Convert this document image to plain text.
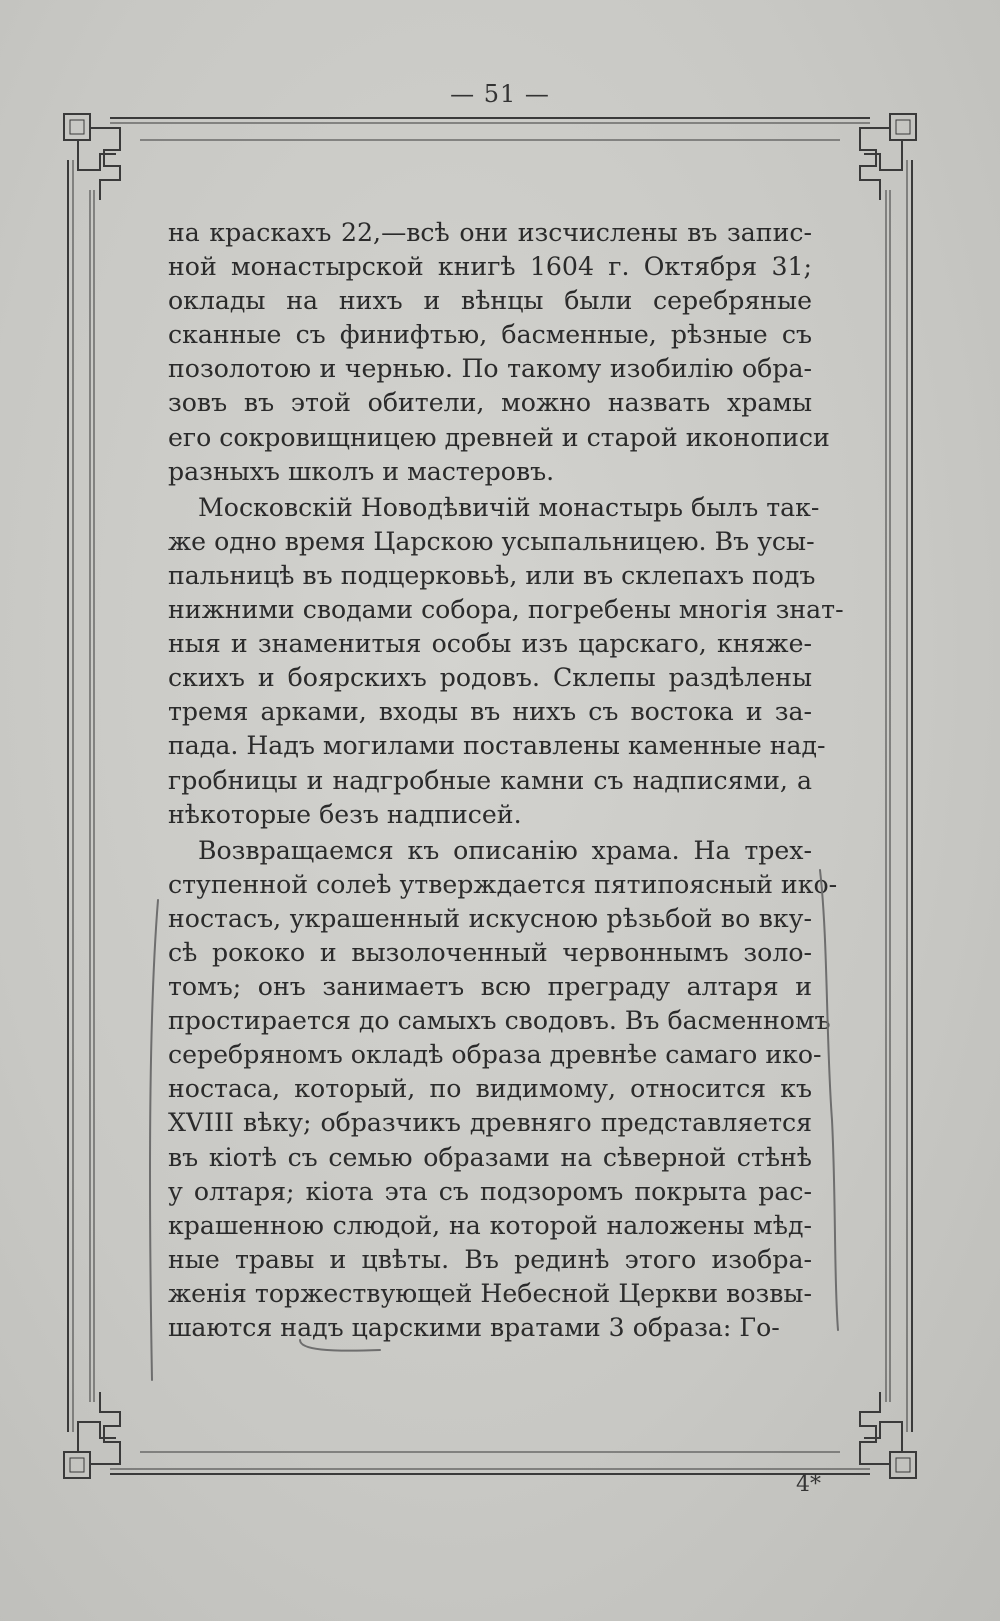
— 51 —

на краскахъ 22,—всѣ они изсчислены въ запис-
ной монастырской книгѣ 1604 г. Октября 31;
оклады на нихъ и вѣнцы были серебряные
сканные съ финифтью, басменные, рѣзные съ
позолотою и чернью. По такому изобилію обра-
зовъ въ этой обители, можно назвать храмы
его сокровищницею древней и старой иконописи
разныхъ школъ и мастеровъ.

Московскій Новодѣвичій монастырь былъ так-
же одно время Царскою усыпальницею. Въ усы-
пальницѣ въ подцерковьѣ, или въ склепахъ подъ
нижними сводами собора, погребены многія знат-
ныя и знаменитыя особы изъ царскаго, княже-
скихъ и боярскихъ родовъ. Склепы раздѣлены
тремя арками, входы въ нихъ съ востока и за-
пада. Надъ могилами поставлены каменные над-
гробницы и надгробные камни съ надписями, а
нѣкоторые безъ надписей.

Возвращаемся къ описанію храма. На трех-
ступенной солеѣ утверждается пятипоясный ико-
ностасъ, украшенный искусною рѣзьбой во вку-
сѣ рококо и вызолоченный червоннымъ золо-
томъ; онъ занимаетъ всю преграду алтаря и
простирается до самыхъ сводовъ. Въ басменномъ
серебряномъ окладѣ образа древнѣе самаго ико-
ностаса, который, по видимому, относится къ
XVIII вѣку; образчикъ древняго представляется
въ кіотѣ съ семью образами на сѣверной стѣнѣ
у олтаря; кіота эта съ подзоромъ покрыта рас-
крашенною слюдой, на которой наложены мѣд-
ные травы и цвѣты. Въ рединѣ этого изобра-
женія торжествующей Небесной Церкви возвы-
шаются надъ царскими вратами 3 образа: Го-

4*
